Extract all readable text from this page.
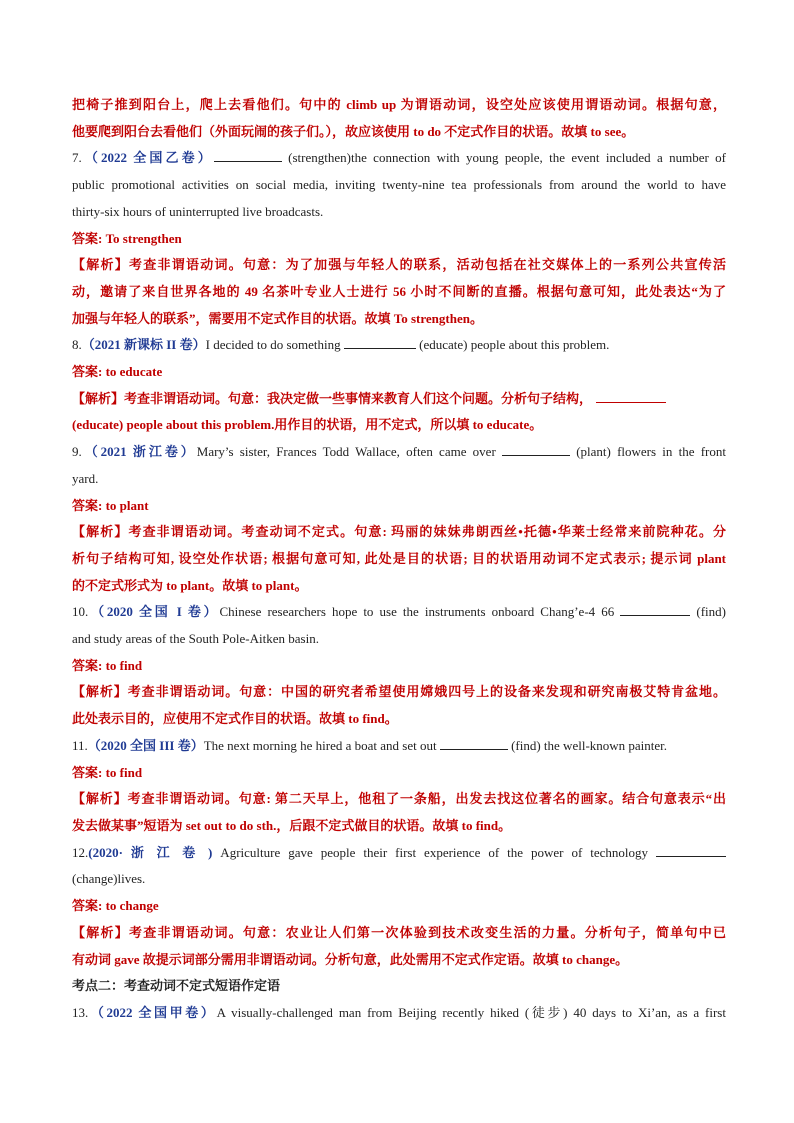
把椅子推到阳台上，爬上去看他们。句中的 climb up 为谓语动词，设空处应该使用谓语动词。根据句意，
他要爬到阳台去看他们（外面玩闹的孩子们。），故应该使用 to do 不定式作目的状语。故填 to see。
7.（2022 全国乙卷）	(strengthen)the connection with young people, the event included a number of
public promotional activities on social media, inviting twenty-nine tea professionals from around the world to have
thirty-six hours of uninterrupted live broadcasts.
答案: To strengthen
【解析】考查非谓语动词。句意：为了加强与年轻人的联系，活动包括在社交媒体上的一系列公共宣传活
动，邀请了来自世界各地的 49 名茶叶专业人士进行 56 小时不间断的直播。根据句意可知，此处表达“为了
加强与年轻人的联系”，需要用不定式作目的状语。故填 To strengthen。
8.（2021 新课标 II 卷）I decided to do something	(educate) people about this problem.
答案: to educate
【解析】考查非谓语动词。句意：我决定做一些事情来教育人们这个问题。分析句子结构，
(educate) people about this problem.用作目的状语，用不定式，所以填 to educate。
9.（2021 浙江卷）Mary’s sister, Frances Todd Wallace, often came over	(plant) flowers in the front
yard.
答案: to plant
【解析】考查非谓语动词。考查动词不定式。句意: 玛丽的妹妹弗朗西丝•托德•华莱士经常来前院种花。分
析句子结构可知, 设空处作状语; 根据句意可知, 此处是目的状语; 目的状语用动词不定式表示; 提示词 plant
的不定式形式为 to plant。故填 to plant。
10.（2020 全国 I 卷）Chinese researchers hope to use the instruments onboard Chang’e-4 66	(find)
and study areas of the South Pole-Aitken basin.
答案: to find
【解析】考查非谓语动词。句意：中国的研究者希望使用嫦娥四号上的设备来发现和研究南极艾特肯盆地。
此处表示目的，应使用不定式作目的状语。故填 to find。
11.（2020 全国 III 卷）The next morning he hired a boat and set out	(find) the well-known painter.
答案: to find
【解析】考查非谓语动词。句意: 第二天早上，他租了一条船，出发去找这位著名的画家。结合句意表示“出
发去做某事”短语为 set out to do sth.，后跟不定式做目的状语。故填 to find。
12.(2020· 浙 江 卷 ) Agriculture gave people their first experience of the power of technology
(change)lives.
答案: to change
【解析】考查非谓语动词。句意：农业让人们第一次体验到技术改变生活的力量。分析句子，简单句中已
有动词 gave 故提示词部分需用非谓语动词。分析句意，此处需用不定式作定语。故填 to change。
考点二：考查动词不定式短语作定语
13.（2022 全国甲卷）A visually-challenged man from Beijing recently hiked (徒步) 40 days to Xi’an, as a first
